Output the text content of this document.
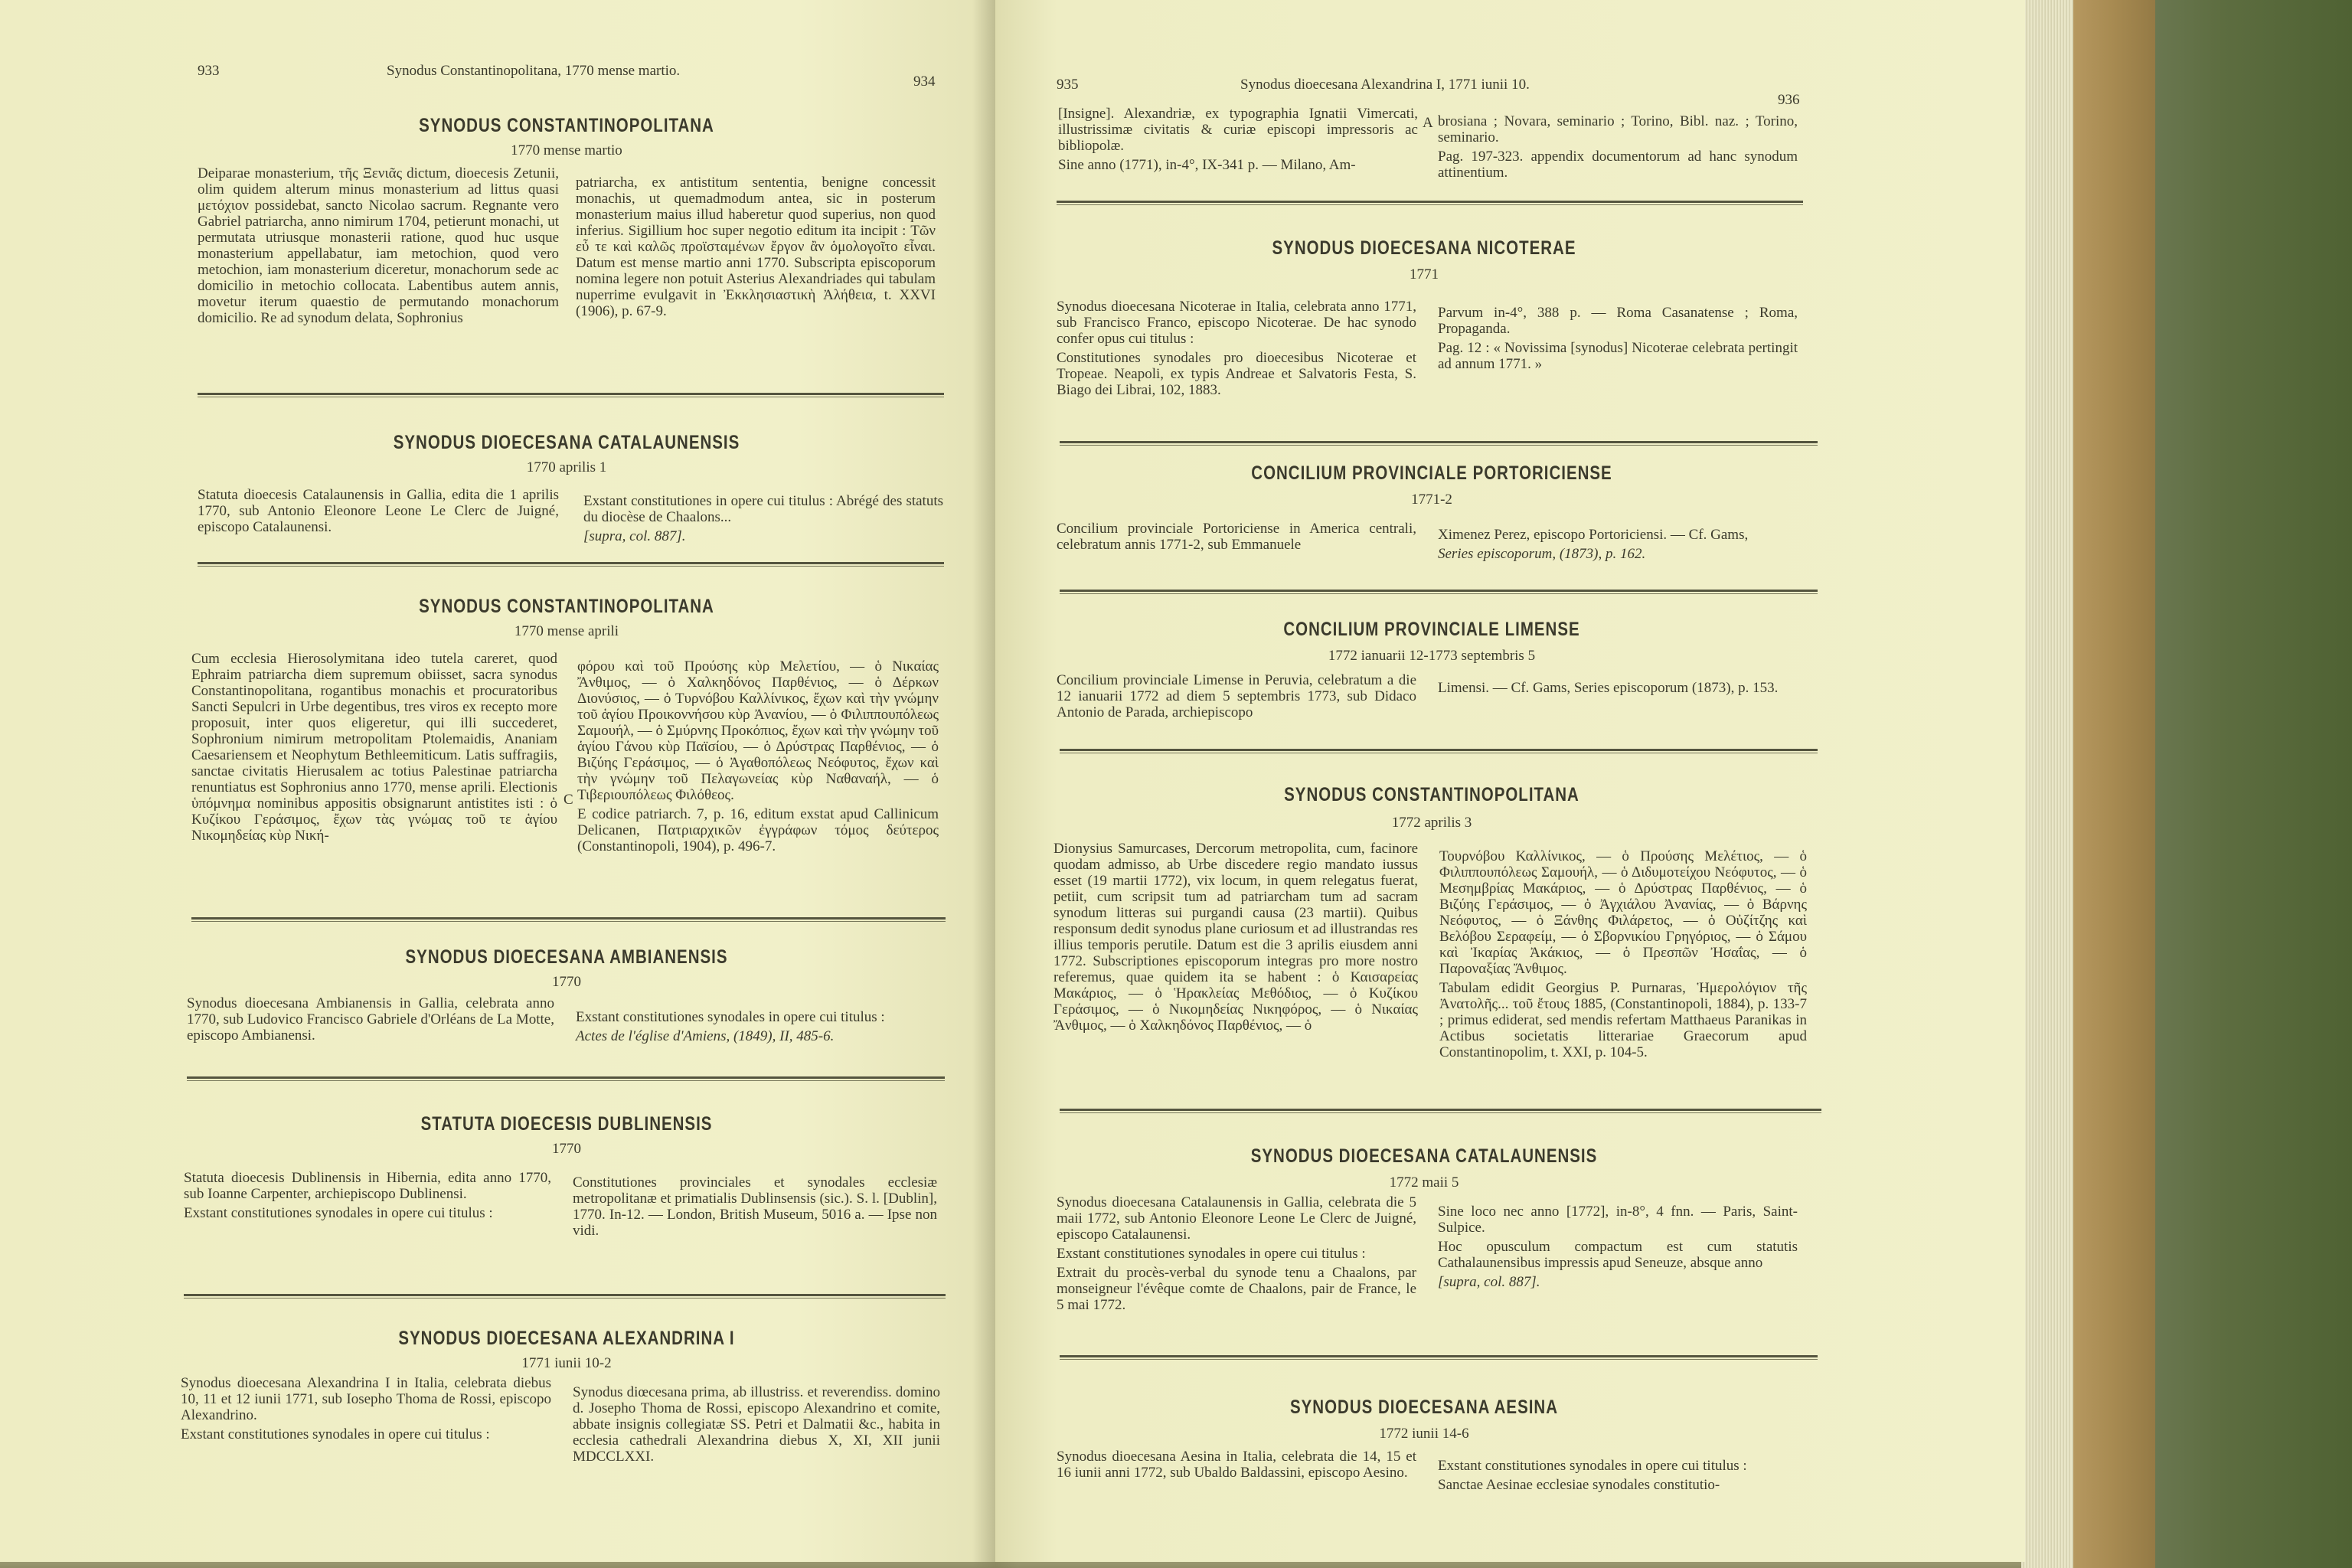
933	Synodus Constantinopolitana, 1770 mense martio.
934
SYNODUS CONSTANTINOPOLITANA
1770 mense martio

Deiparae monasterium, τῆς Ξενιᾶς dictum, dioecesis Zetunii, olim quidem alterum minus monasterium ad littus quasi μετόχιον possidebat, sancto Nicolao sacrum. Regnante vero Gabriel patriarcha, anno nimirum 1704, petierunt monachi, ut permutata utriusque monasterii ratione, quod huc usque monasterium appellabatur, iam metochion, quod vero metochion, iam monasterium diceretur, monachorum sede ac domicilio in metochio collocata. Labentibus autem annis, movetur iterum quaestio de permutando monachorum domicilio. Re ad synodum delata, Sophronius

patriarcha, ex antistitum sententia, benigne concessit monachis, ut quemadmodum antea, sic in posterum monasterium maius illud haberetur quod superius, non quod inferius. Sigillium hoc super negotio editum ita incipit : Τῶν εὖ τε καὶ καλῶς προϊσταμένων ἔργον ἂν ὁμολογοῖτο εἶναι. Datum est mense martio anni 1770. Subscripta episcoporum nomina legere non potuit Asterius Alexandriades qui tabulam nuperrime evulgavit in Ἐκκλησιαστικὴ Ἀλήθεια, t. XXVI (1906), p. 67-9.

SYNODUS DIOECESANA CATALAUNENSIS
1770 aprilis 1

Statuta dioecesis Catalaunensis in Gallia, edita die 1 aprilis 1770, sub Antonio Eleonore Leone Le Clerc de Juigné, episcopo Catalaunensi.

Exstant constitutiones in opere cui titulus : Abrégé des statuts du diocèse de Chaalons...

[supra, col. 887].

SYNODUS CONSTANTINOPOLITANA
1770 mense aprili

Cum ecclesia Hierosolymitana ideo tutela careret, quod Ephraim patriarcha diem supremum obiisset, sacra synodus Constantinopolitana, rogantibus monachis et procuratoribus Sancti Sepulcri in Urbe degentibus, tres viros ex recepto more proposuit, inter quos eligeretur, qui illi succederet, Sophronium nimirum metropolitam Ptolemaidis, Ananiam Caesariensem et Neophytum Bethleemiticum. Latis suffragiis, sanctae civitatis Hierusalem ac totius Palestinae patriarcha renuntiatus est Sophronius anno 1770, mense aprili. Electionis ὑπόμνημα nominibus appositis obsignarunt antistites isti : ὁ Κυζίκου Γεράσιμος, ἔχων τὰς γνώμας τοῦ τε ἁγίου Νικομηδείας κὺρ Νική-

C

φόρου καὶ τοῦ Προύσης κὺρ Μελετίου, — ὁ Νικαίας Ἄνθιμος, — ὁ Χαλκηδόνος Παρθένιος, — ὁ Δέρκων Διονύσιος, — ὁ Τυρνόβου Καλλίνικος, ἔχων καὶ τὴν γνώμην τοῦ ἁγίου Προικοννήσου κὺρ Ἀνανίου, — ὁ Φιλιππουπόλεως Σαμουήλ, — ὁ Σμύρνης Προκόπιος, ἔχων καὶ τὴν γνώμην τοῦ ἁγίου Γάνου κὺρ Παϊσίου, — ὁ Δρύστρας Παρθένιος, — ὁ Βιζύης Γεράσιμος, — ὁ Ἀγαθοπόλεως Νεόφυτος, ἔχων καὶ τὴν γνώμην τοῦ Πελαγωνείας κὺρ Ναθαναήλ, — ὁ Τιβεριουπόλεως Φιλόθεος.

E codice patriarch. 7, p. 16, editum exstat apud Callinicum Delicanen, Πατριαρχικῶν ἐγγράφων τόμος δεύτερος (Constantinopoli, 1904), p. 496-7.

SYNODUS DIOECESANA AMBIANENSIS
1770

Synodus dioecesana Ambianensis in Gallia, celebrata anno 1770, sub Ludovico Francisco Gabriele d'Orléans de La Motte, episcopo Ambianensi.

Exstant constitutiones synodales in opere cui titulus :

Actes de l'église d'Amiens, (1849), II, 485-6.

STATUTA DIOECESIS DUBLINENSIS
1770

Statuta dioecesis Dublinensis in Hibernia, edita anno 1770, sub Ioanne Carpenter, archiepiscopo Dublinensi.

Exstant constitutiones synodales in opere cui titulus :

Constitutiones provinciales et synodales ecclesiæ metropolitanæ et primatialis Dublinsensis (sic.). S. l. [Dublin], 1770. In-12. — London, British Museum, 5016 a. — Ipse non vidi.

SYNODUS DIOECESANA ALEXANDRINA I
1771 iunii 10-2

Synodus dioecesana Alexandrina I in Italia, celebrata diebus 10, 11 et 12 iunii 1771, sub Iosepho Thoma de Rossi, episcopo Alexandrino.

Exstant constitutiones synodales in opere cui titulus :

Synodus diœcesana prima, ab illustriss. et reverendiss. domino d. Josepho Thoma de Rossi, episcopo Alexandrino et comite, abbate insignis collegiatæ SS. Petri et Dalmatii &c., habita in ecclesia cathedrali Alexandrina diebus X, XI, XII junii MDCCLXXI.

935	Synodus dioecesana Alexandrina I, 1771 iunii 10.
936

[Insigne]. Alexandriæ, ex typographia Ignatii Vimercati, illustrissimæ civitatis & curiæ episcopi impressoris ac bibliopolæ.

Sine anno (1771), in-4°, IX-341 p. — Milano, Am-

A brosiana ; Novara, seminario ; Torino, Bibl. naz. ; Torino, seminario.

Pag. 197-323. appendix documentorum ad hanc synodum attinentium.

SYNODUS DIOECESANA NICOTERAE
1771

Synodus dioecesana Nicoterae in Italia, celebrata anno 1771, sub Francisco Franco, episcopo Nicoterae. De hac synodo confer opus cui titulus :

Constitutiones synodales pro dioecesibus Nicoterae et Tropeae. Neapoli, ex typis Andreae et Salvatoris Festa, S. Biago dei Librai, 102, 1883.

Parvum in-4°, 388 p. — Roma Casanatense ; Roma, Propaganda.

Pag. 12 : « Novissima [synodus] Nicoterae celebrata pertingit ad annum 1771. »

CONCILIUM PROVINCIALE PORTORICIENSE
1771-2

Concilium provinciale Portoriciense in America centrali, celebratum annis 1771-2, sub Emmanuele

Ximenez Perez, episcopo Portoriciensi. — Cf. Gams,

Series episcoporum, (1873), p. 162.

CONCILIUM PROVINCIALE LIMENSE
1772 ianuarii 12-1773 septembris 5

Concilium provinciale Limense in Peruvia, celebratum a die 12 ianuarii 1772 ad diem 5 septembris 1773, sub Didaco Antonio de Parada, archiepiscopo

Limensi. — Cf. Gams, Series episcoporum (1873), p. 153.

SYNODUS CONSTANTINOPOLITANA
1772 aprilis 3

Dionysius Samurcases, Dercorum metropolita, cum, facinore quodam admisso, ab Urbe discedere regio mandato iussus esset (19 martii 1772), vix locum, in quem relegatus fuerat, petiit, cum scripsit tum ad patriarcham tum ad sacram synodum litteras sui purgandi causa (23 martii). Quibus responsum dedit synodus plane curiosum et ad illustrandas res illius temporis perutile. Datum est die 3 aprilis eiusdem anni 1772. Subscriptiones episcoporum integras pro more nostro referemus, quae quidem ita se habent : ὁ Καισαρείας Μακάριος, — ὁ Ἡρακλείας Μεθόδιος, — ὁ Κυζίκου Γεράσιμος, — ὁ Νικομηδείας Νικηφόρος, — ὁ Νικαίας Ἄνθιμος, — ὁ Χαλκηδόνος Παρθένιος, — ὁ

Τουρνόβου Καλλίνικος, — ὁ Προύσης Μελέτιος, — ὁ Φιλιππουπόλεως Σαμουήλ, — ὁ Διδυμοτείχου Νεόφυτος, — ὁ Μεσημβρίας Μακάριος, — ὁ Δρύστρας Παρθένιος, — ὁ Βιζύης Γεράσιμος, — ὁ Ἀγχιάλου Ἀνανίας, — ὁ Βάρνης Νεόφυτος, — ὁ Ξάνθης Φιλάρετος, — ὁ Οὐζίτζης καὶ Βελόβου Σεραφείμ, — ὁ Σβορνικίου Γρηγόριος, — ὁ Σάμου καὶ Ἰκαρίας Ἀκάκιος, — ὁ Πρεσπῶν Ἠσαΐας, — ὁ Παροναξίας Ἄνθιμος.

Tabulam edidit Georgius P. Purnaras, Ἡμερολόγιον τῆς Ἀνατολῆς... τοῦ ἔτους 1885, (Constantinopoli, 1884), p. 133-7 ; primus ediderat, sed mendis refertam Matthaeus Paranikas in Actibus societatis litterariae Graecorum apud Constantinopolim, t. XXI, p. 104-5.

SYNODUS DIOECESANA CATALAUNENSIS
1772 maii 5

Synodus dioecesana Catalaunensis in Gallia, celebrata die 5 maii 1772, sub Antonio Eleonore Leone Le Clerc de Juigné, episcopo Catalaunensi.

Exstant constitutiones synodales in opere cui titulus :

Extrait du procès-verbal du synode tenu a Chaalons, par monseigneur l'évêque comte de Chaalons, pair de France, le 5 mai 1772.

Sine loco nec anno [1772], in-8°, 4 fnn. — Paris, Saint-Sulpice.

Hoc opusculum compactum est cum statutis Cathalaunensibus impressis apud Seneuze, absque anno

[supra, col. 887].

SYNODUS DIOECESANA AESINA
1772 iunii 14-6

Synodus dioecesana Aesina in Italia, celebrata die 14, 15 et 16 iunii anni 1772, sub Ubaldo Baldassini, episcopo Aesino.	Exstant constitutiones synodales in opere cui titulus :

Sanctae Aesinae ecclesiae synodales constitutio-
